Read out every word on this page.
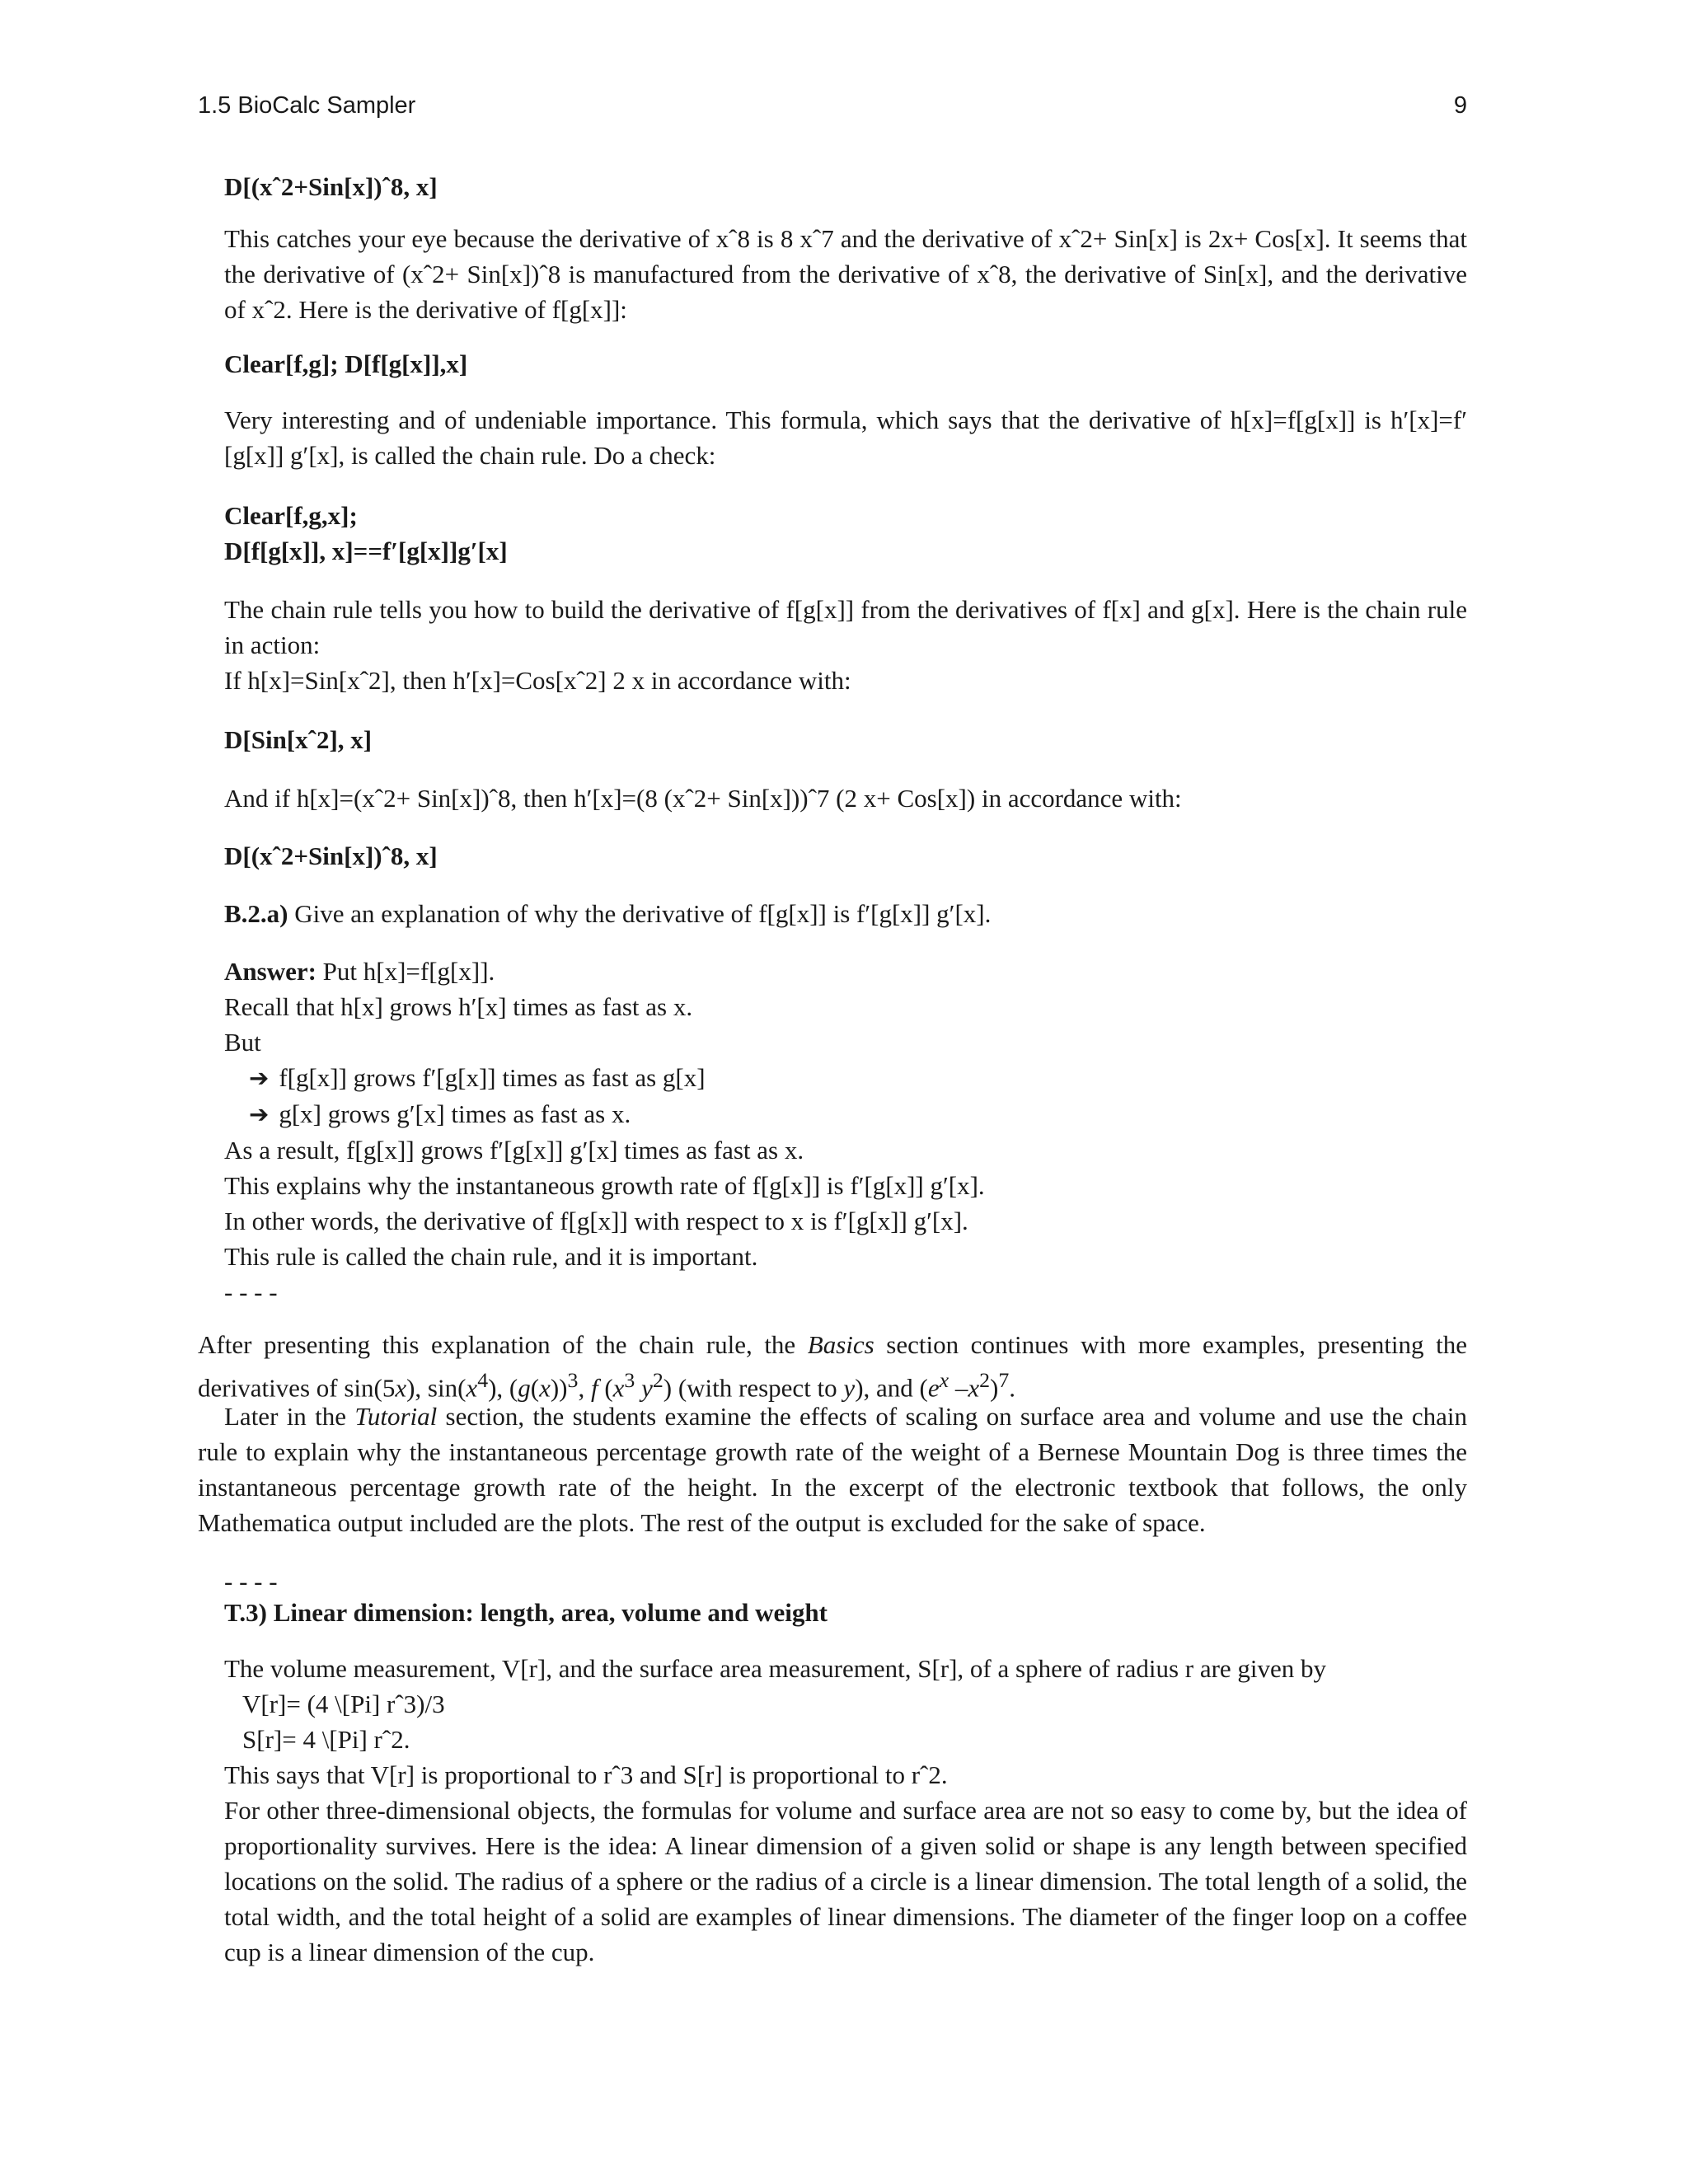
1.5 BioCalc Sampler	9

D[(xˆ2+Sin[x])ˆ8, x]

This catches your eye because the derivative of xˆ8 is 8 xˆ7 and the derivative of xˆ2+ Sin[x] is 2x+ Cos[x]. It seems that the derivative of (xˆ2+ Sin[x])ˆ8 is manufactured from the derivative of xˆ8, the derivative of Sin[x], and the derivative of xˆ2. Here is the derivative of f[g[x]]:

Clear[f,g]; D[f[g[x]],x]

Very interesting and of undeniable importance. This formula, which says that the derivative of h[x]=f[g[x]] is h′[x]=f′[g[x]] g′[x], is called the chain rule. Do a check:

Clear[f,g,x];
D[f[g[x]], x]==f′[g[x]]g′[x]
The chain rule tells you how to build the derivative of f[g[x]] from the derivatives of f[x] and g[x]. Here is the chain rule in action:
If h[x]=Sin[xˆ2], then h′[x]=Cos[xˆ2] 2 x in accordance with:

D[Sin[xˆ2], x]

And if h[x]=(xˆ2+ Sin[x])ˆ8, then h′[x]=(8 (xˆ2+ Sin[x]))ˆ7 (2 x+ Cos[x]) in accordance with:

D[(xˆ2+Sin[x])ˆ8, x]

B.2.a) Give an explanation of why the derivative of f[g[x]] is f′[g[x]] g′[x].

Answer: Put h[x]=f[g[x]].
Recall that h[x] grows h′[x] times as fast as x.
But
➔ f[g[x]] grows f′[g[x]] times as fast as g[x]
➔ g[x] grows g′[x] times as fast as x.
As a result, f[g[x]] grows f′[g[x]] g′[x] times as fast as x.
This explains why the instantaneous growth rate of f[g[x]] is f′[g[x]] g′[x].
In other words, the derivative of f[g[x]] with respect to x is f′[g[x]] g′[x].
This rule is called the chain rule, and it is important.
- - - -

After presenting this explanation of the chain rule, the Basics section continues with more examples, presenting the derivatives of sin(5x), $\sin(x^4)$, $(g(x))^3$, f ($x^3$ $y^2$) (with respect to y), and ($e^x$ $-x^2)^7$.

Later in the Tutorial section, the students examine the effects of scaling on surface area and volume and use the chain rule to explain why the instantaneous percentage growth rate of the weight of a Bernese Mountain Dog is three times the instantaneous percentage growth rate of the height. In the excerpt of the electronic textbook that follows, the only Mathematica output included are the plots. The rest of the output is excluded for the sake of space.

- - - -

T.3) Linear dimension: length, area, volume and weight

The volume measurement, V[r], and the surface area measurement, S[r], of a sphere of radius r are given by
V[r]= (4 \[Pi] rˆ3)/3
S[r]= 4 \[Pi] rˆ2.
This says that V[r] is proportional to rˆ3 and S[r] is proportional to rˆ2.
For other three-dimensional objects, the formulas for volume and surface area are not so easy to come by, but the idea of proportionality survives. Here is the idea: A linear dimension of a given solid or shape is any length between specified locations on the solid. The radius of a sphere or the radius of a circle is a linear dimension. The total length of a solid, the total width, and the total height of a solid are examples of linear dimensions. The diameter of the finger loop on a coffee cup is a linear dimension of the cup.
